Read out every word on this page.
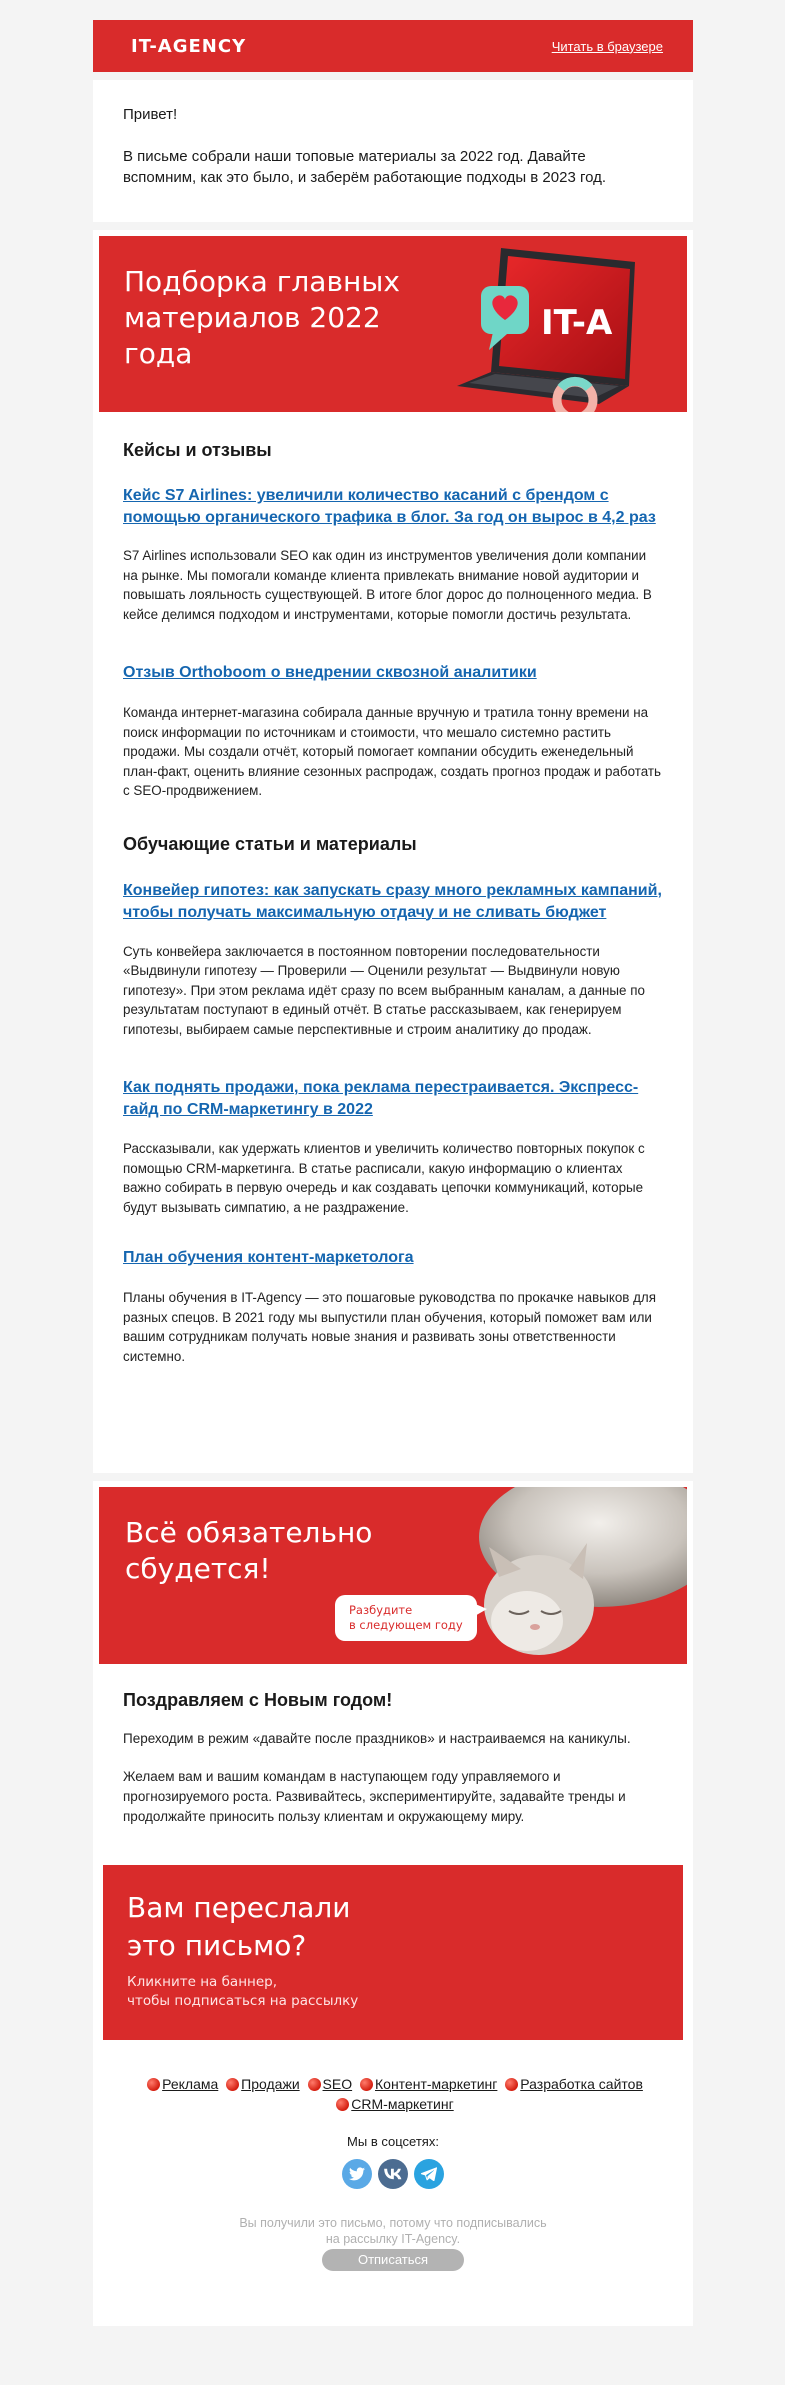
IT-AGENCY	Читать в браузере

Привет!

В письме собрали наши топовые материалы за 2022 год. Давайте вспомним, как это было, и заберём работающие подходы в 2023 год.

Подборка главных
материалов 2022 года
IT-A
Кейсы и отзывы
Кейс S7 Airlines: увеличили количество касаний с брендом с помощью органического трафика в блог. За год он вырос в 4,2 раз

S7 Airlines использовали SEO как один из инструментов увеличения доли компании на рынке. Мы помогали команде клиента привлекать внимание новой аудитории и повышать лояльность существующей. В итоге блог дорос до полноценного медиа. В кейсе делимся подходом и инструментами, которые помогли достичь результата.

Отзыв Orthoboom о внедрении сквозной аналитики

Команда интернет-магазина собирала данные вручную и тратила тонну времени на поиск информации по источникам и стоимости, что мешало системно растить продажи. Мы создали отчёт, который помогает компании обсудить еженедельный план-факт, оценить влияние сезонных распродаж, создать прогноз продаж и работать с SEO-продвижением.

Обучающие статьи и материалы
Конвейер гипотез: как запускать сразу много рекламных кампаний, чтобы получать максимальную отдачу и не сливать бюджет

Суть конвейера заключается в постоянном повторении последовательности «Выдвинули гипотезу — Проверили — Оценили результат — Выдвинули новую гипотезу». При этом реклама идёт сразу по всем выбранным каналам, а данные по результатам поступают в единый отчёт. В статье рассказываем, как генерируем гипотезы, выбираем самые перспективные и строим аналитику до продаж.

Как поднять продажи, пока реклама перестраивается. Экспресс-гайд по CRM-маркетингу в 2022

Рассказывали, как удержать клиентов и увеличить количество повторных покупок с помощью CRM-маркетинга. В статье расписали, какую информацию о клиентах важно собирать в первую очередь и как создавать цепочки коммуникаций, которые будут вызывать симпатию, а не раздражение.

План обучения контент-маркетолога

Планы обучения в IT-Agency — это пошаговые руководства по прокачке навыков для разных спецов. В 2021 году мы выпустили план обучения, который поможет вам или вашим сотрудникам получать новые знания и развивать зоны ответственности системно.

Всё обязательно
сбудется!
Разбудите
в следующем году
Поздравляем с Новым годом!

Переходим в режим «давайте после праздников» и настраиваемся на каникулы.

Желаем вам и вашим командам в наступающем году управляемого и прогнозируемого роста. Развивайтесь, экспериментируйте, задавайте тренды и продолжайте приносить пользу клиентам и окружающему миру.

Вам переслали
это письмо?
Кликните на баннер,
чтобы подписаться на рассылку
Реклама Продажи SEO Контент-маркетинг Разработка сайтов
CRM-маркетинг
Мы в соцсетях:
Вы получили это письмо, потому что подписывались
на рассылку IT-Agency.
Отписаться
